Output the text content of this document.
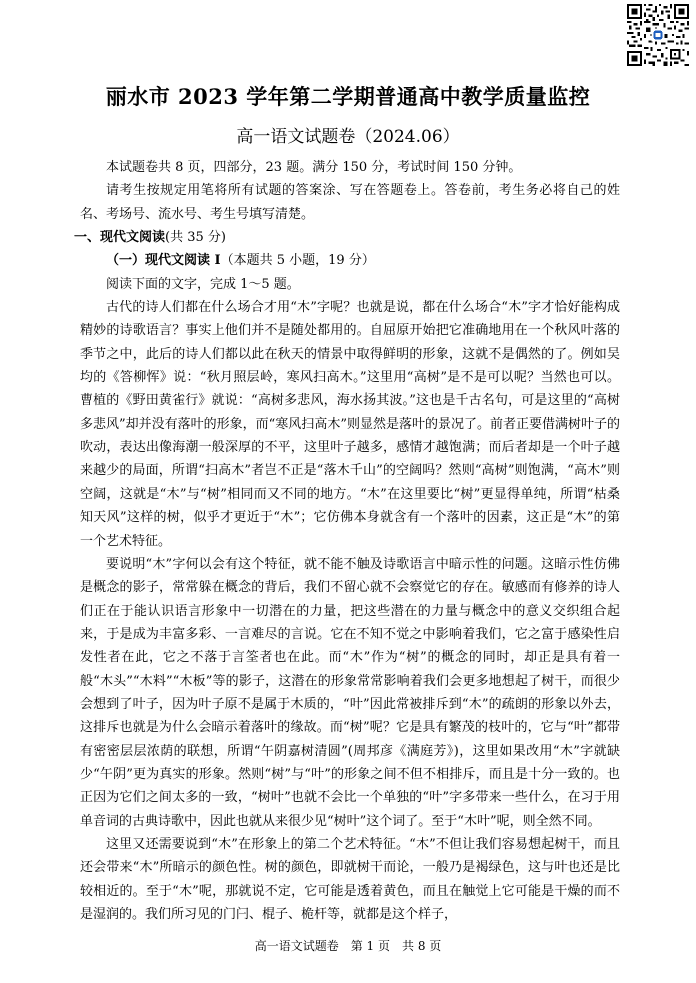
丽水市 2023 学年第二学期普通高中教学质量监控
高一语文试题卷（2024.06）

本试题卷共 8 页，四部分，23 题。满分 150 分，考试时间 150 分钟。

请考生按规定用笔将所有试题的答案涂、写在答题卷上。答卷前，考生务必将自己的姓名、考场号、流水号、考生号填写清楚。

一、现代文阅读(共 35 分)

（一）现代文阅读 I（本题共 5 小题，19 分）

阅读下面的文字，完成 1～5 题。

古代的诗人们都在什么场合才用“木”字呢？也就是说，都在什么场合“木”字才恰好能构成精妙的诗歌语言？事实上他们并不是随处都用的。自屈原开始把它准确地用在一个秋风叶落的季节之中，此后的诗人们都以此在秋天的情景中取得鲜明的形象，这就不是偶然的了。例如吴均的《答柳恽》说：“秋月照层岭，寒风扫高木。”这里用“高树”是不是可以呢？当然也可以。曹植的《野田黄雀行》就说：“高树多悲风，海水扬其波。”这也是千古名句，可是这里的“高树多悲风”却并没有落叶的形象，而“寒风扫高木”则显然是落叶的景况了。前者正要借满树叶子的吹动，表达出像海潮一般深厚的不平，这里叶子越多，感情才越饱满；而后者却是一个叶子越来越少的局面，所谓“扫高木”者岂不正是“落木千山”的空阔吗？然则“高树”则饱满，“高木”则空阔，这就是“木”与“树”相同而又不同的地方。“木”在这里要比“树”更显得单纯，所谓“枯桑知天风”这样的树，似乎才更近于“木”；它仿佛本身就含有一个落叶的因素，这正是“木”的第一个艺术特征。

要说明“木”字何以会有这个特征，就不能不触及诗歌语言中暗示性的问题。这暗示性仿佛是概念的影子，常常躲在概念的背后，我们不留心就不会察觉它的存在。敏感而有修养的诗人们正在于能认识语言形象中一切潜在的力量，把这些潜在的力量与概念中的意义交织组合起来，于是成为丰富多彩、一言难尽的言说。它在不知不觉之中影响着我们，它之富于感染性启发性者在此，它之不落于言筌者也在此。而“木”作为“树”的概念的同时，却正是具有着一般“木头”“木料”“木板”等的影子，这潜在的形象常常影响着我们会更多地想起了树干，而很少会想到了叶子，因为叶子原不是属于木质的，“叶”因此常被排斥到“木”的疏朗的形象以外去，这排斥也就是为什么会暗示着落叶的缘故。而“树”呢？它是具有繁茂的枝叶的，它与“叶”都带有密密层层浓荫的联想，所谓“午阴嘉树清圆”(周邦彦《满庭芳》)，这里如果改用“木”字就缺少“午阴”更为真实的形象。然则“树”与“叶”的形象之间不但不相排斥，而且是十分一致的。也正因为它们之间太多的一致，“树叶”也就不会比一个单独的“叶”字多带来一些什么，在习于用单音词的古典诗歌中，因此也就从来很少见“树叶”这个词了。至于“木叶”呢，则全然不同。

这里又还需要说到“木”在形象上的第二个艺术特征。“木”不但让我们容易想起树干，而且还会带来“木”所暗示的颜色性。树的颜色，即就树干而论，一般乃是褐绿色，这与叶也还是比较相近的。至于“木”呢，那就说不定，它可能是透着黄色，而且在触觉上它可能是干燥的而不是湿润的。我们所习见的门闩、棍子、桅杆等，就都是这个样子，

高一语文试题卷　第 1 页　共 8 页
